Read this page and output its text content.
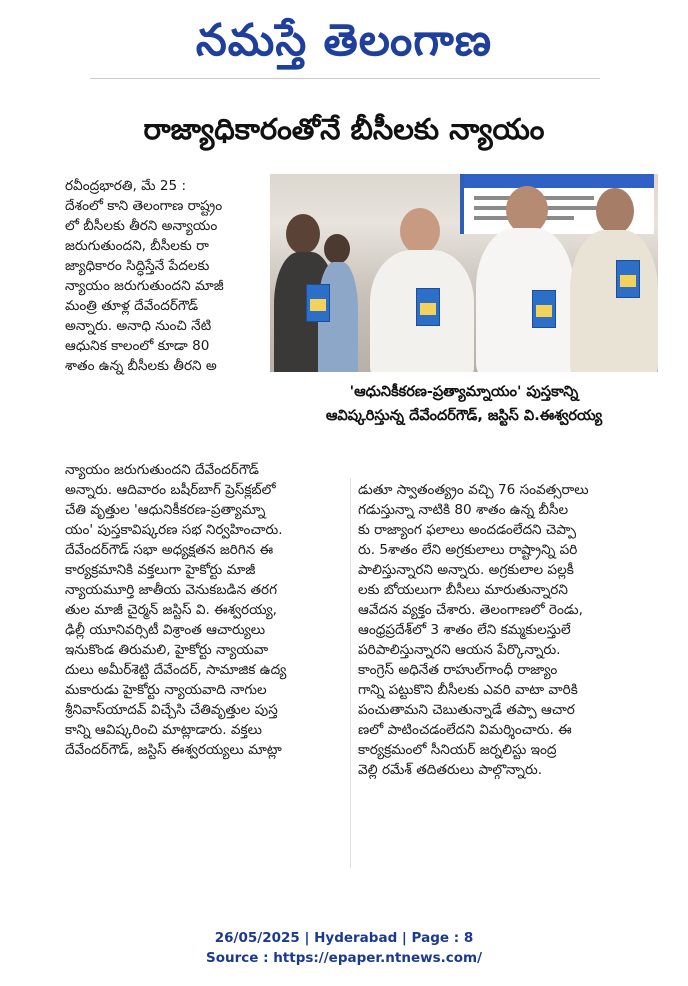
నమస్తే తెలంగాణ
రాజ్యాధికారంతోనే బీసీలకు న్యాయం

రవీంద్రభారతి, మే 25 :

దేశంలో కాని తెలంగాణ రాష్ట్రం

లో బీసీలకు తీరని అన్యాయం

జరుగుతుందని, బీసీలకు రా

జ్యాధికారం సిద్ధిస్తేనే పేదలకు

న్యాయం జరుగుతుందని మాజీ

మంత్రి తూళ్ల దేవేందర్‌గౌడ్

అన్నారు. అనాధి నుంచి నేటి

ఆధునిక కాలంలో కూడా 80

శాతం ఉన్న బీసీలకు తీరని అ

'ఆధునికీకరణ-ప్రత్యామ్నాయం' పుస్తకాన్ని
ఆవిష్కరిస్తున్న దేవేందర్‌గౌడ్, జస్టిస్ వి.ఈశ్వరయ్య

న్యాయం జరుగుతుందని దేవేందర్‌గౌడ్

అన్నారు. ఆదివారం బషీర్‌బాగ్ ప్రెస్‌క్లబ్‌లో

చేతి వృత్తుల 'ఆధునికీకరణ-ప్రత్యామ్నా

యం' పుస్తకావిష్కరణ సభ నిర్వహించారు.

దేవేందర్‌గౌడ్ సభా అధ్యక్షతన జరిగిన ఈ

కార్యక్రమానికి వక్తలుగా హైకోర్టు మాజీ

న్యాయమూర్తి జాతీయ వెనుకబడిన తరగ

తుల మాజీ చైర్మన్ జస్టిస్ వి. ఈశ్వరయ్య,

ఢిల్లీ యూనివర్సిటీ విశ్రాంత ఆచార్యులు

ఇనుకొండ తిరుమలి, హైకోర్టు న్యాయవా

దులు అమీర్‌శెట్టి దేవేందర్, సామాజిక ఉద్య

మకారుడు హైకోర్టు న్యాయవాది నాగుల

శ్రీనివాస్‌యాదవ్ విచ్చేసి చేతివృత్తుల పుస్త

కాన్ని ఆవిష్కరించి మాట్లాడారు. వక్తలు

దేవేందర్‌గౌడ్, జస్టిస్ ఈశ్వరయ్యలు మాట్లా

డుతూ స్వాతంత్య్రం వచ్చి 76 సంవత్సరాలు

గడుస్తున్నా నాటికి 80 శాతం ఉన్న బీసీల

కు రాజ్యాంగ ఫలాలు అందడంలేదని చెప్పా

రు. 5శాతం లేని అగ్రకులాలు రాష్ట్రాన్ని పరి

పాలిస్తున్నారని అన్నారు. అగ్రకులాల పల్లకీ

లకు బోయలుగా బీసీలు మారుతున్నారని

ఆవేదన వ్యక్తం చేశారు. తెలంగాణలో రెండు,

ఆంధ్రప్రదేశ్‌లో 3 శాతం లేని కమ్మకులస్తులే

పరిపాలిస్తున్నారని ఆయన పేర్కొన్నారు.

కాంగ్రెస్ అధినేత రాహుల్‌గాంధీ రాజ్యాం

గాన్ని పట్టుకొని బీసీలకు ఎవరి వాటా వారికి

పంచుతామని చెబుతున్నాడే తప్పా ఆచార

ణలో పాటించడంలేదని విమర్శించారు. ఈ

కార్యక్రమంలో సీనియర్ జర్నలిస్టు ఇంద్ర

వెల్లి రమేశ్ తదితరులు పాల్గొన్నారు.

26/05/2025 | Hyderabad | Page : 8
Source : https://epaper.ntnews.com/
